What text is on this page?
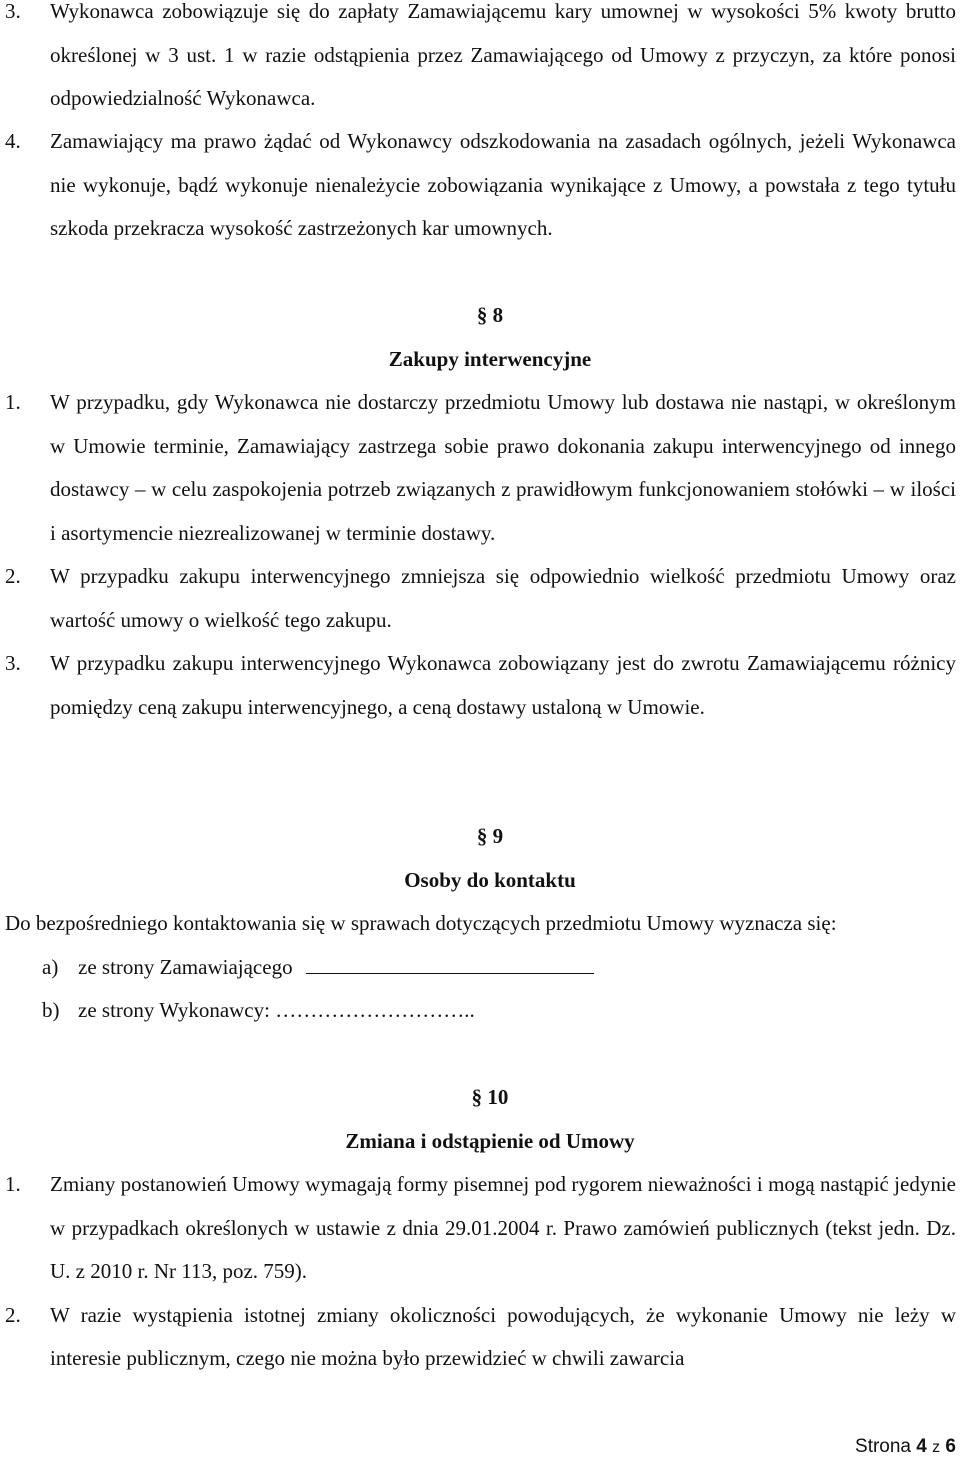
3. Wykonawca zobowiązuje się do zapłaty Zamawiającemu kary umownej w wysokości 5% kwoty brutto określonej w 3 ust. 1 w razie odstąpienia przez Zamawiającego od Umowy z przyczyn, za które ponosi odpowiedzialność Wykonawca.
4. Zamawiający ma prawo żądać od Wykonawcy odszkodowania na zasadach ogólnych, jeżeli Wykonawca nie wykonuje, bądź wykonuje nienależycie zobowiązania wynikające z Umowy, a powstała z tego tytułu szkoda przekracza wysokość zastrzeżonych kar umownych.
§ 8
Zakupy interwencyjne
1. W przypadku, gdy Wykonawca nie dostarczy przedmiotu Umowy lub dostawa nie nastąpi, w określonym w Umowie terminie, Zamawiający zastrzega sobie prawo dokonania zakupu interwencyjnego od innego dostawcy – w celu zaspokojenia potrzeb związanych z prawidłowym funkcjonowaniem stołówki – w ilości i asortymencie niezrealizowanej w terminie dostawy.
2. W przypadku zakupu interwencyjnego zmniejsza się odpowiednio wielkość przedmiotu Umowy oraz wartość umowy o wielkość tego zakupu.
3. W przypadku zakupu interwencyjnego Wykonawca zobowiązany jest do zwrotu Zamawiającemu różnicy pomiędzy ceną zakupu interwencyjnego, a ceną dostawy ustaloną w Umowie.
§ 9
Osoby do kontaktu
Do bezpośredniego kontaktowania się w sprawach dotyczących przedmiotu Umowy wyznacza się:
a) ze strony Zamawiającego
b) ze strony Wykonawcy: ………………………..
§ 10
Zmiana i odstąpienie od Umowy
1. Zmiany postanowień Umowy wymagają formy pisemnej pod rygorem nieważności i mogą nastąpić jedynie w przypadkach określonych w ustawie z dnia 29.01.2004 r. Prawo zamówień publicznych (tekst jedn. Dz. U. z 2010 r. Nr 113, poz. 759).
2. W razie wystąpienia istotnej zmiany okoliczności powodujących, że wykonanie Umowy nie leży w interesie publicznym, czego nie można było przewidzieć w chwili zawarcia
Strona 4 z 6
